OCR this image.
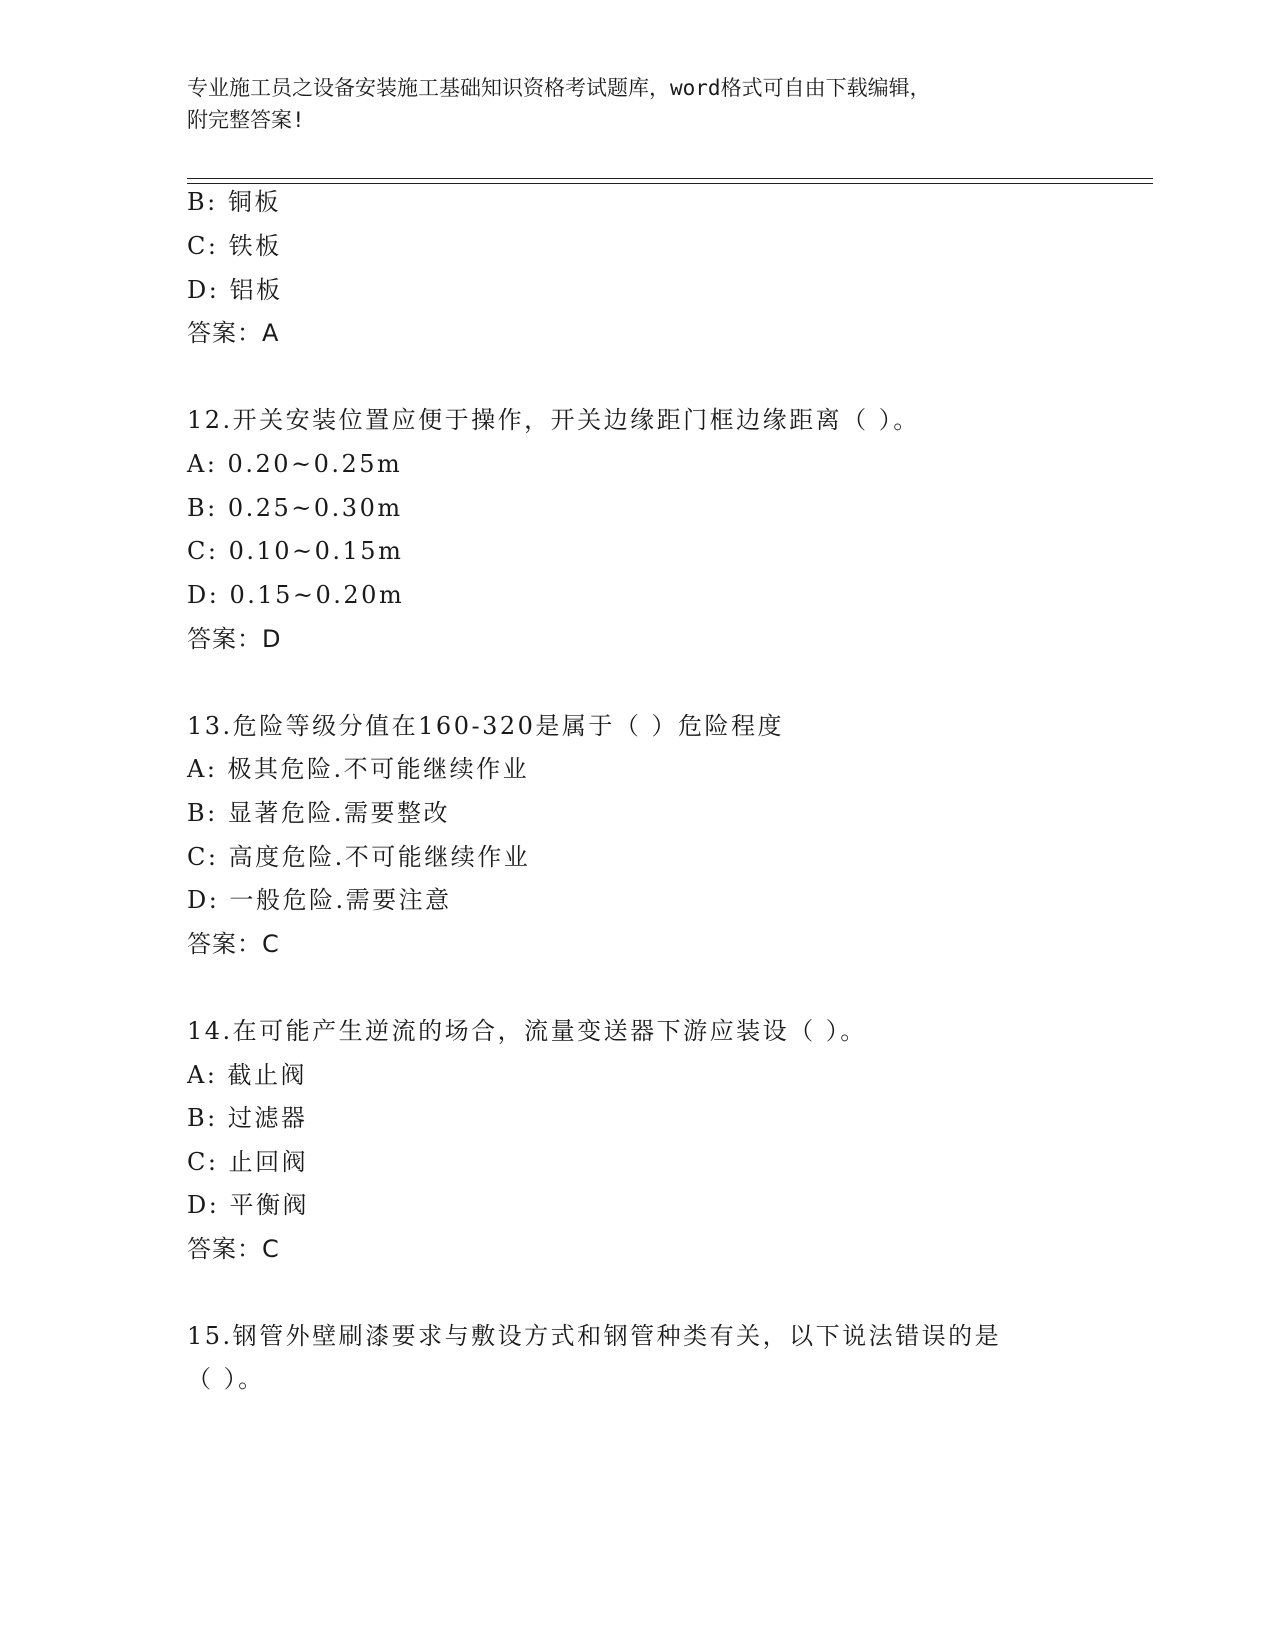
专业施工员之设备安装施工基础知识资格考试题库，word格式可自由下载编辑，
附完整答案!
B: 铜板
C: 铁板
D: 铝板
答案：A
12.开关安装位置应便于操作，开关边缘距门框边缘距离（ ）。
A: 0.20~0.25m
B: 0.25~0.30m
C: 0.10~0.15m
D: 0.15~0.20m
答案：D
13.危险等级分值在160-320是属于（ ）危险程度
A: 极其危险.不可能继续作业
B: 显著危险.需要整改
C: 高度危险.不可能继续作业
D: 一般危险.需要注意
答案：C
14.在可能产生逆流的场合，流量变送器下游应装设（ ）。
A: 截止阀
B: 过滤器
C: 止回阀
D: 平衡阀
答案：C
15.钢管外壁刷漆要求与敷设方式和钢管种类有关，以下说法错误的是
（ ）。
